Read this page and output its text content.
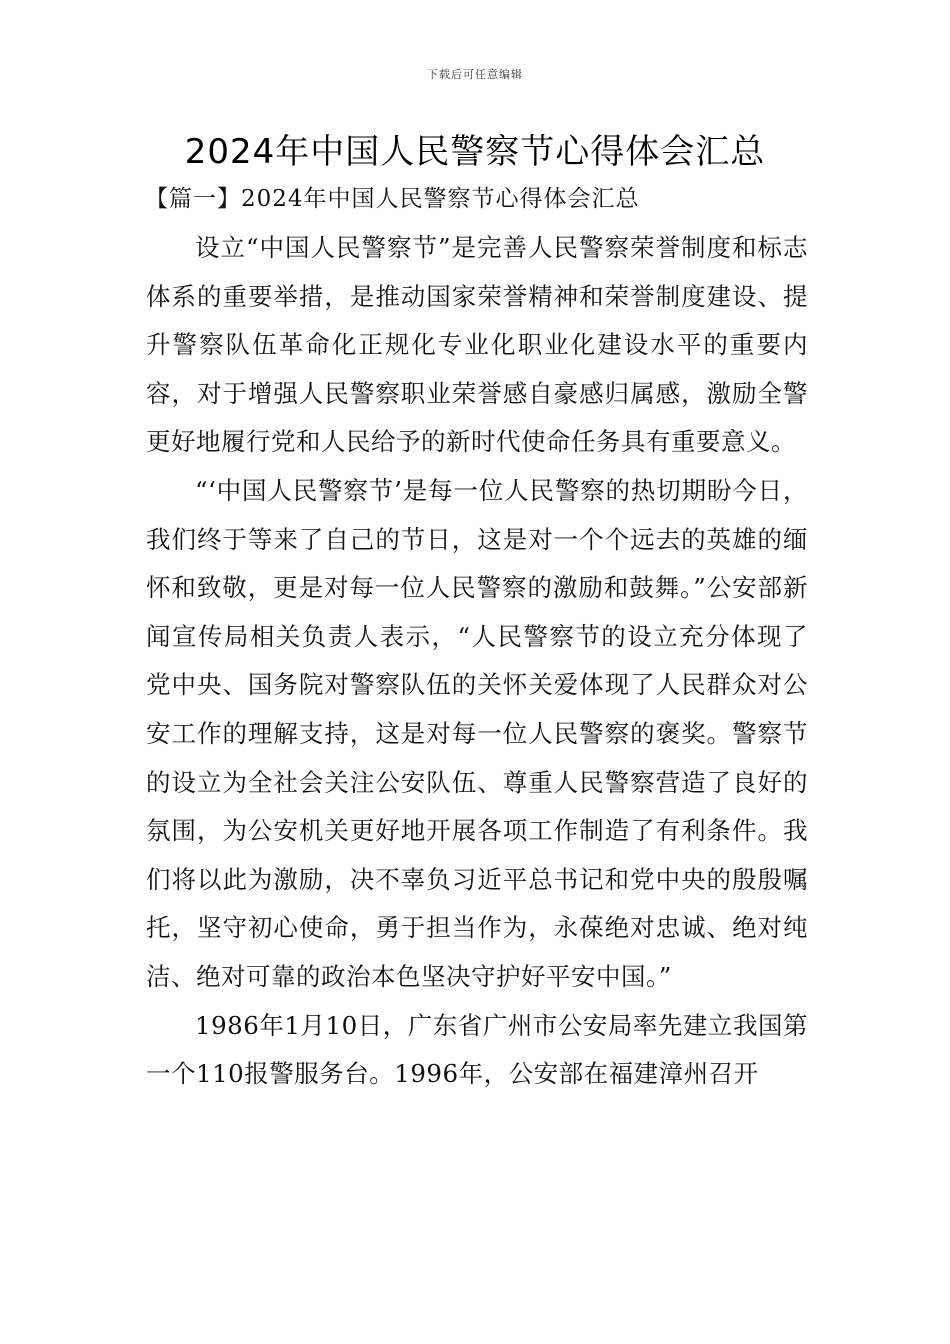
下载后可任意编辑
2024年中国人民警察节心得体会汇总
【篇一】2024年中国人民警察节心得体会汇总

设立“中国人民警察节”是完善人民警察荣誉制度和标志体系的重要举措，是推动国家荣誉精神和荣誉制度建设、提升警察队伍革命化正规化专业化职业化建设水平的重要内容，对于增强人民警察职业荣誉感自豪感归属感，激励全警更好地履行党和人民给予的新时代使命任务具有重要意义。

“‘中国人民警察节’是每一位人民警察的热切期盼今日，我们终于等来了自己的节日，这是对一个个远去的英雄的缅怀和致敬，更是对每一位人民警察的激励和鼓舞。”公安部新闻宣传局相关负责人表示，“人民警察节的设立充分体现了党中央、国务院对警察队伍的关怀关爱体现了人民群众对公安工作的理解支持，这是对每一位人民警察的褒奖。警察节的设立为全社会关注公安队伍、尊重人民警察营造了良好的氛围，为公安机关更好地开展各项工作制造了有利条件。我们将以此为激励，决不辜负习近平总书记和党中央的殷殷嘱托，坚守初心使命，勇于担当作为，永葆绝对忠诚、绝对纯洁、绝对可靠的政治本色坚决守护好平安中国。”

1986年1月10日，广东省广州市公安局率先建立我国第一个110报警服务台。1996年，公安部在福建漳州召开
